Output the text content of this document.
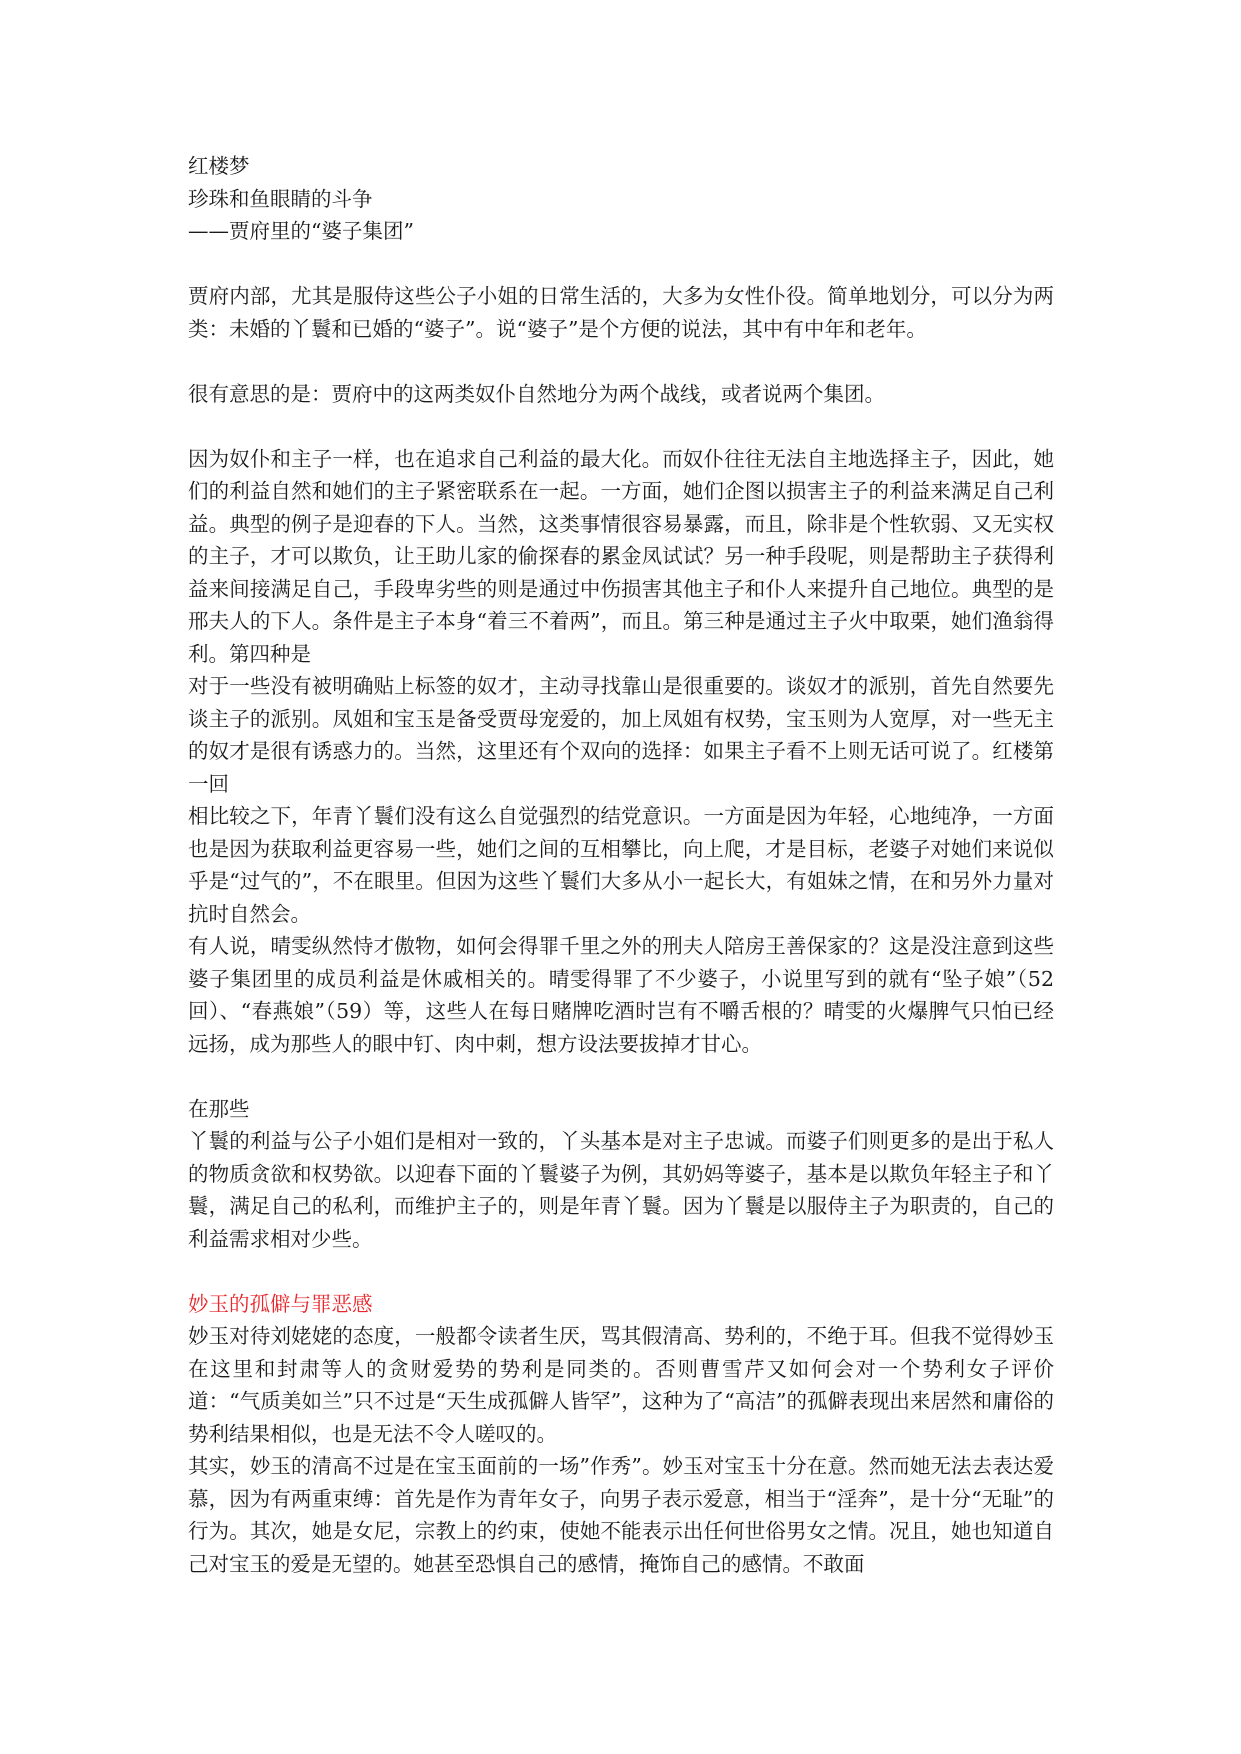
红楼梦

珍珠和鱼眼睛的斗争

——贾府里的“婆子集团”

贾府内部，尤其是服侍这些公子小姐的日常生活的，大多为女性仆役。简单地划分，可以分为两类：未婚的丫鬟和已婚的“婆子”。说“婆子”是个方便的说法，其中有中年和老年。

很有意思的是：贾府中的这两类奴仆自然地分为两个战线，或者说两个集团。

因为奴仆和主子一样，也在追求自己利益的最大化。而奴仆往往无法自主地选择主子，因此，她们的利益自然和她们的主子紧密联系在一起。一方面，她们企图以损害主子的利益来满足自己利益。典型的例子是迎春的下人。当然，这类事情很容易暴露，而且，除非是个性软弱、又无实权的主子，才可以欺负，让王助儿家的偷探春的累金凤试试？另一种手段呢，则是帮助主子获得利益来间接满足自己，手段卑劣些的则是通过中伤损害其他主子和仆人来提升自己地位。典型的是邢夫人的下人。条件是主子本身“着三不着两”，而且。第三种是通过主子火中取栗，她们渔翁得利。第四种是

对于一些没有被明确贴上标签的奴才，主动寻找靠山是很重要的。谈奴才的派别，首先自然要先谈主子的派别。凤姐和宝玉是备受贾母宠爱的，加上凤姐有权势，宝玉则为人宽厚，对一些无主的奴才是很有诱惑力的。当然，这里还有个双向的选择：如果主子看不上则无话可说了。红楼第一回

相比较之下，年青丫鬟们没有这么自觉强烈的结党意识。一方面是因为年轻，心地纯净，一方面也是因为获取利益更容易一些，她们之间的互相攀比，向上爬，才是目标，老婆子对她们来说似乎是“过气的”，不在眼里。但因为这些丫鬟们大多从小一起长大，有姐妹之情，在和另外力量对抗时自然会。

有人说，晴雯纵然恃才傲物，如何会得罪千里之外的刑夫人陪房王善保家的？这是没注意到这些婆子集团里的成员利益是休戚相关的。晴雯得罪了不少婆子，小说里写到的就有“坠子娘”（52 回）、“春燕娘”（59）等，这些人在每日赌牌吃酒时岂有不嚼舌根的？晴雯的火爆脾气只怕已经远扬，成为那些人的眼中钉、肉中刺，想方设法要拔掉才甘心。

在那些

丫鬟的利益与公子小姐们是相对一致的，丫头基本是对主子忠诚。而婆子们则更多的是出于私人的物质贪欲和权势欲。以迎春下面的丫鬟婆子为例，其奶妈等婆子，基本是以欺负年轻主子和丫鬟，满足自己的私利，而维护主子的，则是年青丫鬟。因为丫鬟是以服侍主子为职责的，自己的利益需求相对少些。

妙玉的孤僻与罪恶感

妙玉对待刘姥姥的态度，一般都令读者生厌，骂其假清高、势利的，不绝于耳。但我不觉得妙玉在这里和封肃等人的贪财爱势的势利是同类的。否则曹雪芹又如何会对一个势利女子评价道：“气质美如兰”只不过是“天生成孤僻人皆罕”，这种为了“高洁”的孤僻表现出来居然和庸俗的势利结果相似，也是无法不令人嗟叹的。

其实，妙玉的清高不过是在宝玉面前的一场”作秀”。妙玉对宝玉十分在意。然而她无法去表达爱慕，因为有两重束缚：首先是作为青年女子，向男子表示爱意，相当于“淫奔”，是十分“无耻”的行为。其次，她是女尼，宗教上的约束，使她不能表示出任何世俗男女之情。况且，她也知道自己对宝玉的爱是无望的。她甚至恐惧自己的感情，掩饰自己的感情。不敢面
